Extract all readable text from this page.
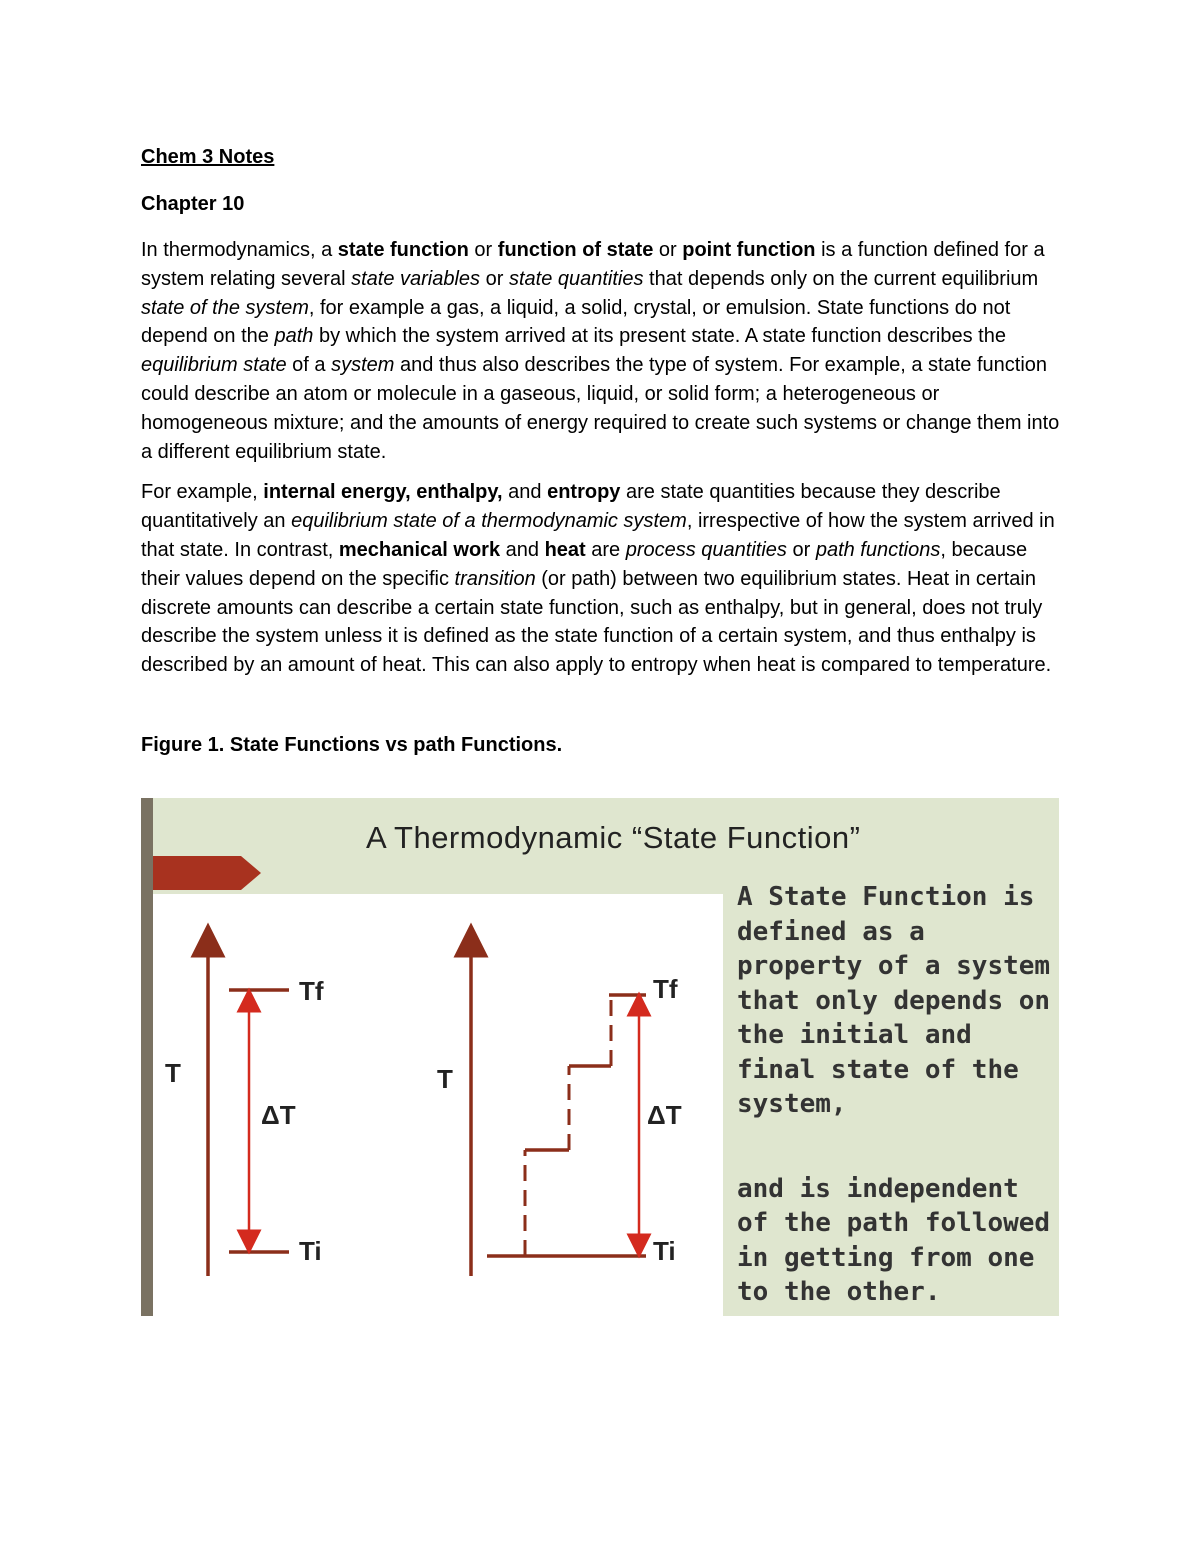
Chem 3 Notes
Chapter 10

In thermodynamics, a state function or function of state or point function is a function defined for a system relating several state variables or state quantities that depends only on the current equilibrium state of the system, for example a gas, a liquid, a solid, crystal, or emulsion. State functions do not depend on the path by which the system arrived at its present state. A state function describes the equilibrium state of a system and thus also describes the type of system. For example, a state function could describe an atom or molecule in a gaseous, liquid, or solid form; a heterogeneous or homogeneous mixture; and the amounts of energy required to create such systems or change them into a different equilibrium state.

For example, internal energy, enthalpy, and entropy are state quantities because they describe quantitatively an equilibrium state of a thermodynamic system, irrespective of how the system arrived in that state. In contrast, mechanical work and heat are process quantities or path functions, because their values depend on the specific transition (or path) between two equilibrium states. Heat in certain discrete amounts can describe a certain state function, such as enthalpy, but in general, does not truly describe the system unless it is defined as the state function of a certain system, and thus enthalpy is described by an amount of heat. This can also apply to entropy when heat is compared to temperature.

Figure 1. State Functions vs path Functions.
A Thermodynamic “State Function”
T
Tf
Ti
ΔT
T
Tf
Ti
ΔT
A State Function is defined as a property of a system that only depends on the initial and final state of the system,
and is independent of the path followed in getting from one to the other.
